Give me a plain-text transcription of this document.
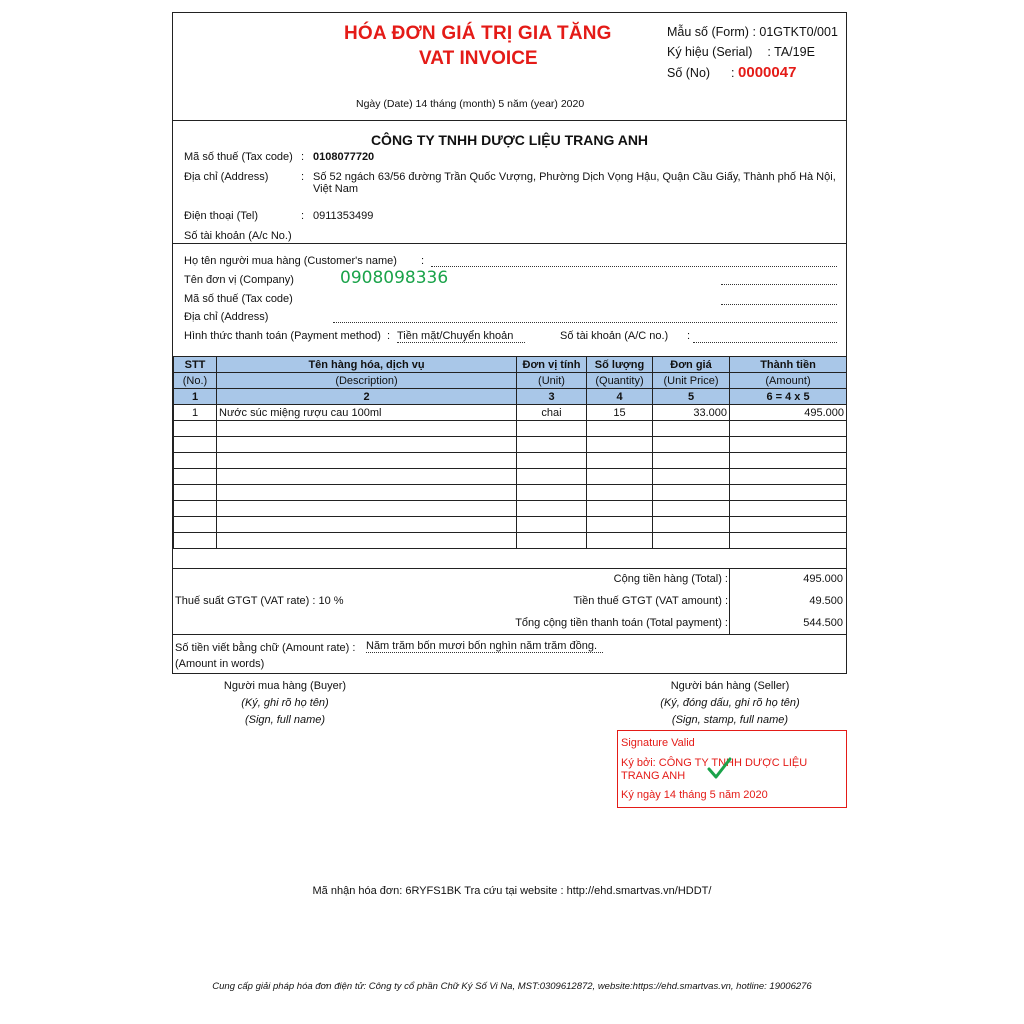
HÓA ĐƠN GIÁ TRỊ GIA TĂNG
VAT INVOICE
Mẫu số (Form) : 01GTKT0/001
Ký hiệu (Serial) : TA/19E
Số (No) : 0000047
Ngày (Date) 14 tháng (month) 5 năm (year) 2020
CÔNG TY TNHH DƯỢC LIỆU TRANG ANH
Mã số thuế (Tax code) : 0108077720
Địa chỉ (Address)	: Số 52 ngách 63/56 đường Trần Quốc Vượng, Phường Dịch Vọng Hậu, Quận Cầu Giấy, Thành phố Hà Nội, Việt Nam
Điện thoại (Tel)	: 0911353499
Số tài khoản (A/c No.)
Họ tên người mua hàng (Customer's name) :
Tên đơn vị (Company)	0908098336
Mã số thuế (Tax code)
Địa chỉ (Address)
Hình thức thanh toán (Payment method) : Tiền mặt/Chuyển khoản	Số tài khoản (A/C no.) :
STT	Tên hàng hóa, dịch vụ	Đơn vị tính	Số lượng	Đơn giá	Thành tiền
(No.)	(Description)	(Unit)	(Quantity)	(Unit Price)	(Amount)
1	2	3	4	5	6 = 4 x 5
1	Nước súc miệng rượu cau 100ml	chai	15	33.000	495.000

Cộng tiền hàng (Total) :	495.000
Thuế suất GTGT (VAT rate) : 10 %	Tiền thuế GTGT (VAT amount) :	49.500
Tổng cộng tiền thanh toán (Total payment) :	544.500
Số tiền viết bằng chữ (Amount rate) : Năm trăm bốn mươi bốn nghìn năm trăm đồng.
(Amount in words)
Người mua hàng (Buyer)
(Ký, ghi rõ họ tên)
(Sign, full name)
Người bán hàng (Seller)
(Ký, đóng dấu, ghi rõ họ tên)
(Sign, stamp, full name)
Signature Valid
Ký bởi: CÔNG TY TNHH DƯỢC LIỆU
TRANG ANH
Ký ngày 14 tháng 5 năm 2020
Mã nhận hóa đơn: 6RYFS1BK Tra cứu tại website : http://ehd.smartvas.vn/HDDT/
Cung cấp giải pháp hóa đơn điện tử: Công ty cổ phần Chữ Ký Số Vi Na, MST:0309612872, website:https://ehd.smartvas.vn, hotline: 19006276
